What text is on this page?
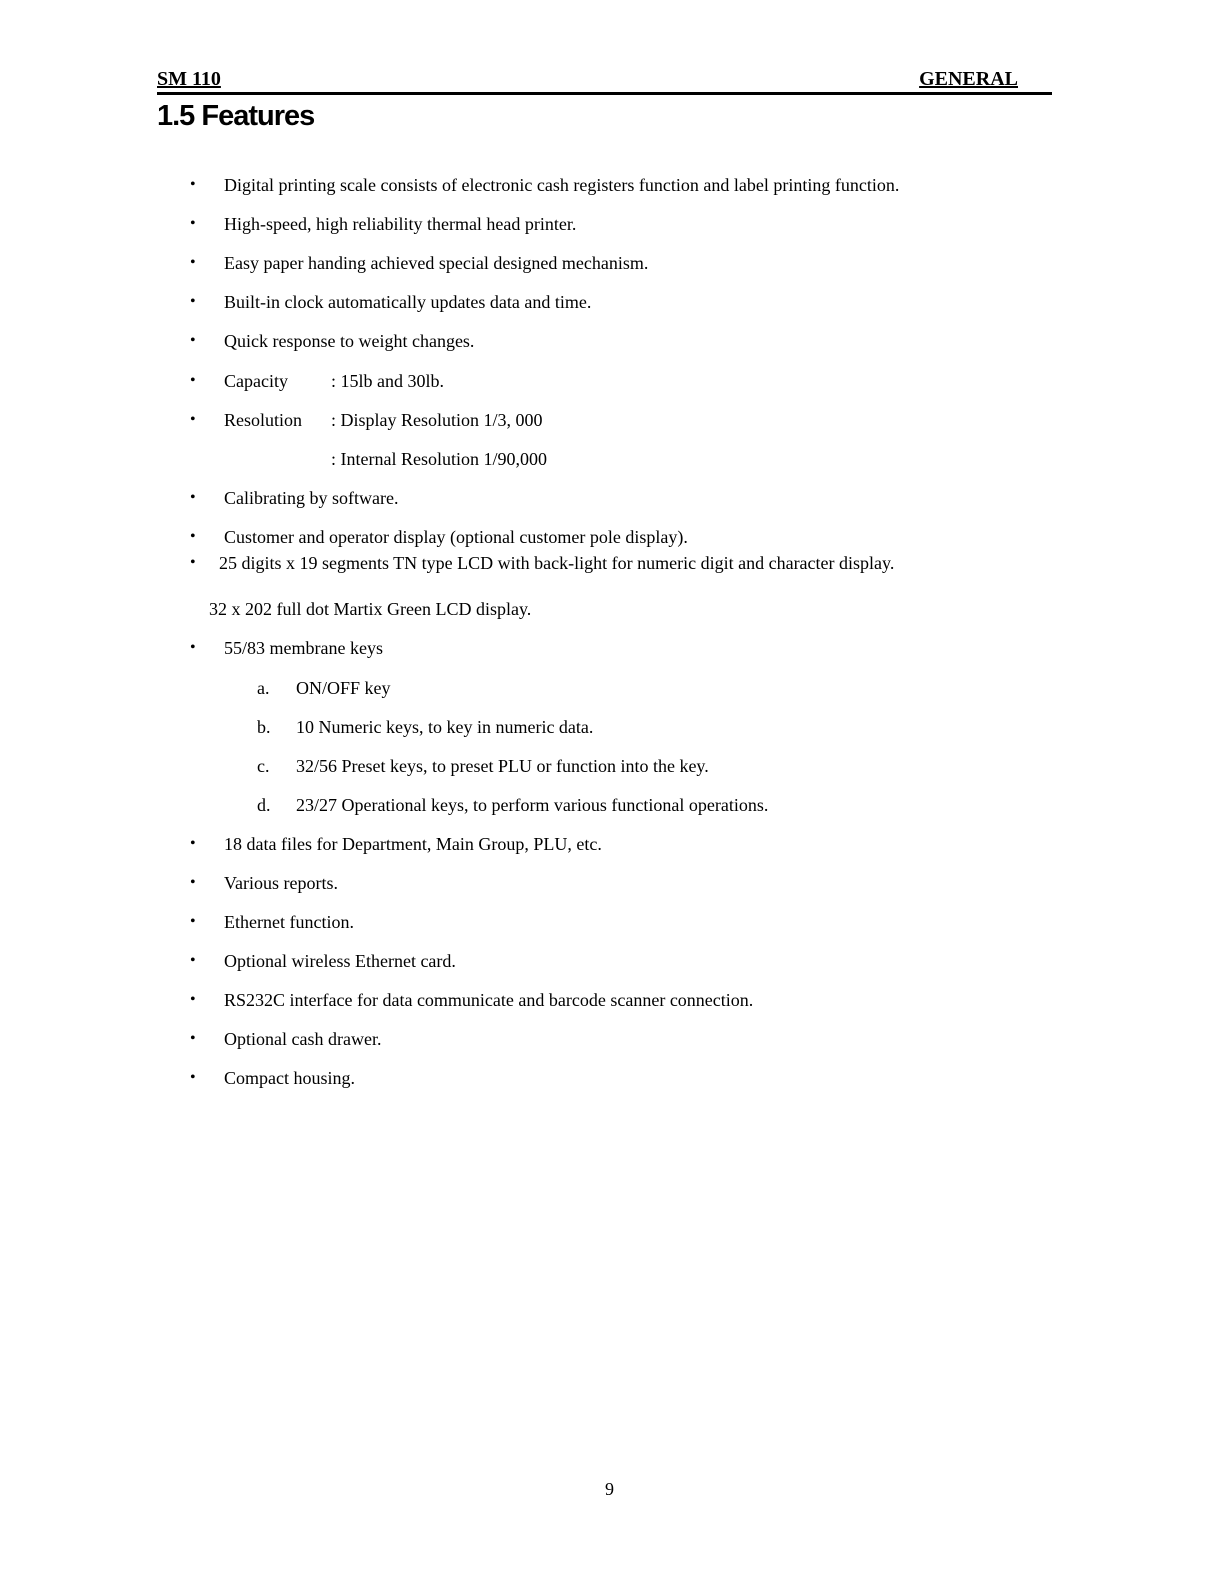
SM 110	GENERAL
1.5 Features
• Digital printing scale consists of electronic cash registers function and label printing function.
• High-speed, high reliability thermal head printer.
• Easy paper handing achieved special designed mechanism.
• Built-in clock automatically updates data and time.
• Quick response to weight changes.
• Capacity : 15lb and 30lb.
• Resolution : Display Resolution 1/3, 000
: Internal Resolution 1/90,000
• Calibrating by software.
• Customer and operator display (optional customer pole display).
• 25 digits x 19 segments TN type LCD with back-light for numeric digit and character display.
32 x 202 full dot Martix Green LCD display.
• 55/83 membrane keys
a. ON/OFF key
b. 10 Numeric keys, to key in numeric data.
c. 32/56 Preset keys, to preset PLU or function into the key.
d. 23/27 Operational keys, to perform various functional operations.
• 18 data files for Department, Main Group, PLU, etc.
• Various reports.
• Ethernet function.
• Optional wireless Ethernet card.
• RS232C interface for data communicate and barcode scanner connection.
• Optional cash drawer.
• Compact housing.
9
